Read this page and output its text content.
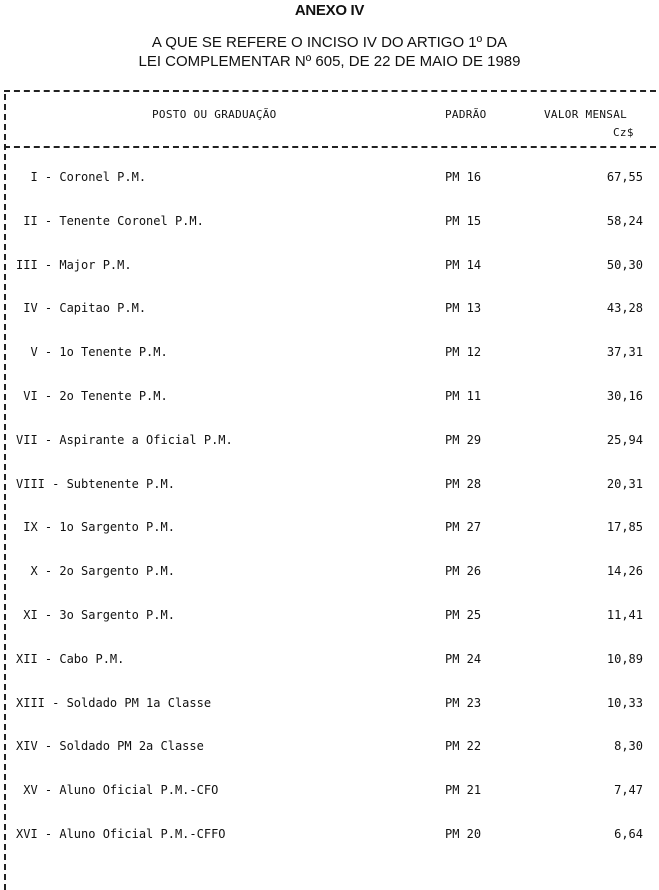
ANEXO IV
A QUE SE REFERE O INCISO IV DO ARTIGO 1º DA
LEI COMPLEMENTAR Nº 605, DE 22 DE MAIO DE 1989
POSTO OU GRADUAÇÃO	PADRÃO	VALOR MENSAL
Cz$
I - Coronel P.M.	PM 16	67,55
II - Tenente Coronel P.M.	PM 15	58,24
III - Major P.M.	PM 14	50,30
IV - Capitao P.M.	PM 13	43,28
V - 1o Tenente P.M.	PM 12	37,31
VI - 2o Tenente P.M.	PM 11	30,16
VII - Aspirante a Oficial P.M.	PM 29	25,94
VIII - Subtenente P.M.	PM 28	20,31
IX - 1o Sargento P.M.	PM 27	17,85
X - 2o Sargento P.M.	PM 26	14,26
XI - 3o Sargento P.M.	PM 25	11,41
XII - Cabo P.M.	PM 24	10,89
XIII - Soldado PM 1a Classe	PM 23	10,33
XIV - Soldado PM 2a Classe	PM 22	8,30
XV - Aluno Oficial P.M.-CFO	PM 21	7,47
XVI - Aluno Oficial P.M.-CFFO	PM 20	6,64
